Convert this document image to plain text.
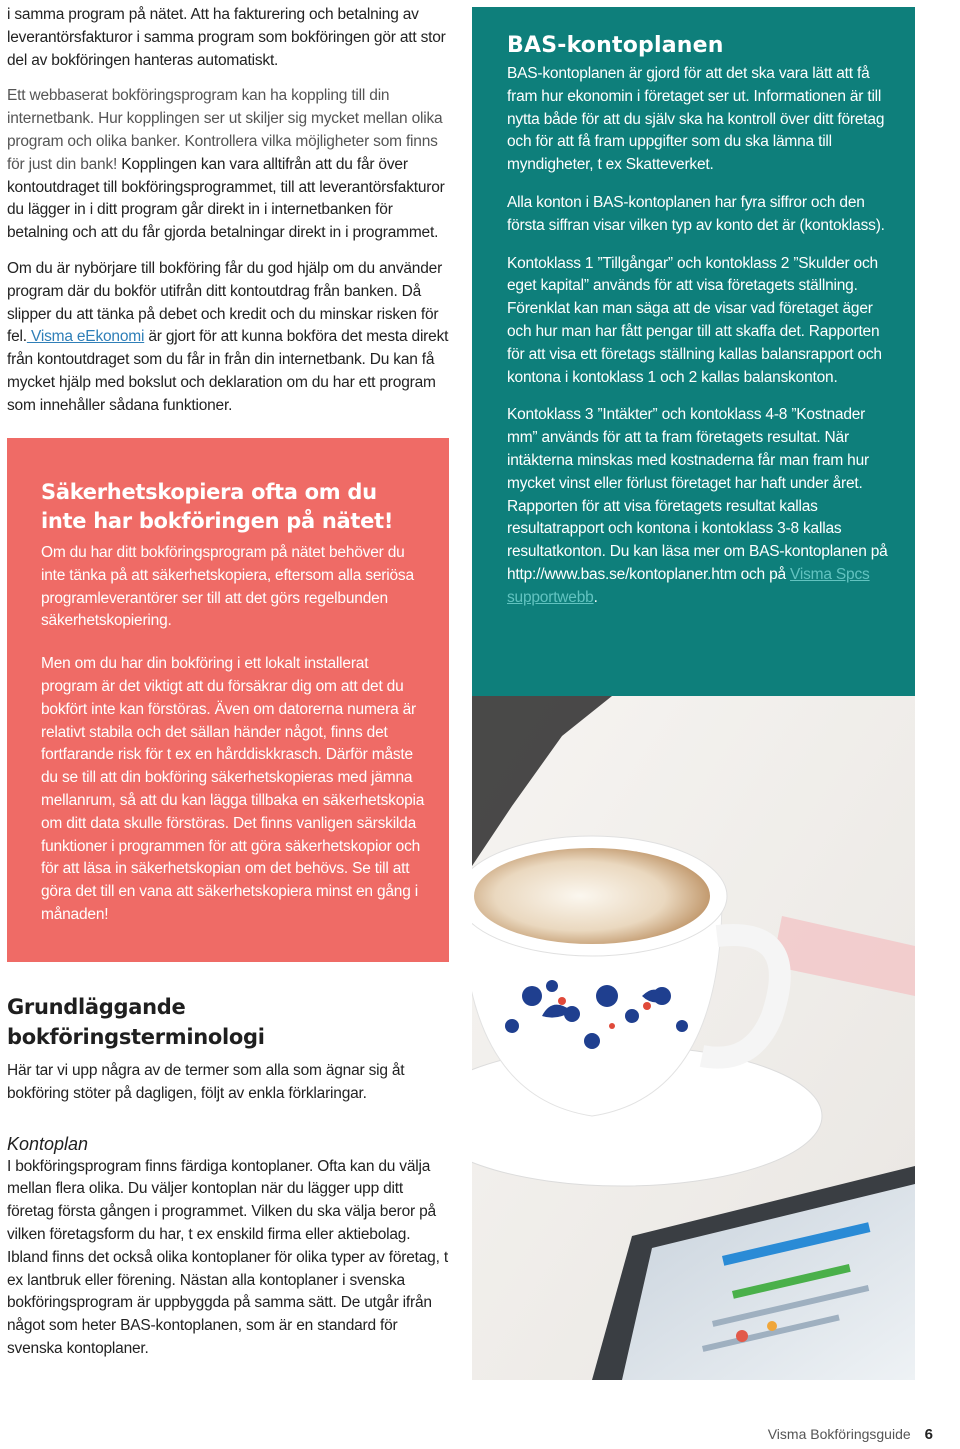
i samma program på nätet. Att ha fakturering och betalning av leverantörsfakturor i samma program som bokföringen gör att stor del av bokföringen hanteras automatiskt.

Ett webbaserat bokföringsprogram kan ha koppling till din internetbank. Hur kopplingen ser ut skiljer sig mycket mellan olika program och olika banker. Kontrollera vilka möjligheter som finns för just din bank! Kopplingen kan vara alltifrån att du får över kontoutdraget till bokföringsprogrammet, till att leverantörsfakturor du lägger in i ditt program går direkt in i internetbanken för betalning och att du får gjorda betalningar direkt in i programmet.

Om du är nybörjare till bokföring får du god hjälp om du använder program där du bokför utifrån ditt kontoutdrag från banken. Då slipper du att tänka på debet och kredit och du minskar risken för fel. Visma eEkonomi är gjort för att kunna bokföra det mesta direkt från kontoutdraget som du får in från din internetbank. Du kan få mycket hjälp med bokslut och deklaration om du har ett program som innehåller sådana funktioner.

Säkerhetskopiera ofta om du inte har bokföringen på nätet!

Om du har ditt bokföringsprogram på nätet behöver du inte tänka på att säkerhetskopiera, eftersom alla seriösa programleverantörer ser till att det görs regelbunden säkerhetskopiering.

Men om du har din bokföring i ett lokalt installerat program är det viktigt att du försäkrar dig om att det du bokfört inte kan förstöras. Även om datorerna numera är relativt stabila och det sällan händer något, finns det fortfarande risk för t ex en hårddiskkrasch. Därför måste du se till att din bokföring säkerhetskopieras med jämna mellanrum, så att du kan lägga tillbaka en säkerhetskopia om ditt data skulle förstöras. Det finns vanligen särskilda funktioner i programmen för att göra säkerhetskopior och för att läsa in säkerhetskopian om det behövs. Se till att göra det till en vana att säkerhetskopiera minst en gång i månaden!

Grundläggande bokföringsterminologi

Här tar vi upp några av de termer som alla som ägnar sig åt bokföring stöter på dagligen, följt av enkla förklaringar.

Kontoplan

I bokföringsprogram finns färdiga kontoplaner. Ofta kan du välja mellan flera olika. Du väljer kontoplan när du lägger upp ditt företag första gången i programmet. Vilken du ska välja beror på vilken företagsform du har, t ex enskild firma eller aktiebolag. Ibland finns det också olika kontoplaner för olika typer av företag, t ex lantbruk eller förening. Nästan alla kontoplaner i svenska bokföringsprogram är uppbyggda på samma sätt. De utgår ifrån något som heter BAS-kontoplanen, som är en standard för svenska kontoplaner.

BAS-kontoplanen

BAS-kontoplanen är gjord för att det ska vara lätt att få fram hur ekonomin i företaget ser ut. Informationen är till nytta både för att du själv ska ha kontroll över ditt företag och för att få fram uppgifter som du ska lämna till myndigheter, t ex Skatteverket.

Alla konton i BAS-kontoplanen har fyra siffror och den första siffran visar vilken typ av konto det är (kontoklass).

Kontoklass 1 ”Tillgångar” och kontoklass 2 ”Skulder och eget kapital” används för att visa företagets ställning. Förenklat kan man säga att de visar vad företaget äger och hur man har fått pengar till att skaffa det. Rapporten för att visa ett företags ställning kallas balansrapport och kontona i kontoklass 1 och 2 kallas balanskonton.

Kontoklass 3 ”Intäkter” och kontoklass 4-8 ”Kostnader mm” används för att ta fram företagets resultat. När intäkterna minskas med kostnaderna får man fram hur mycket vinst eller förlust företaget har haft under året. Rapporten för att visa företagets resultat kallas resultatrapport och kontona i kontoklass 3-8 kallas resultatkonton. Du kan läsa mer om BAS-kontoplanen på http://www.bas.se/kontoplaner.htm och på Visma Spcs supportwebb.

Visma Bokföringsguide 6
